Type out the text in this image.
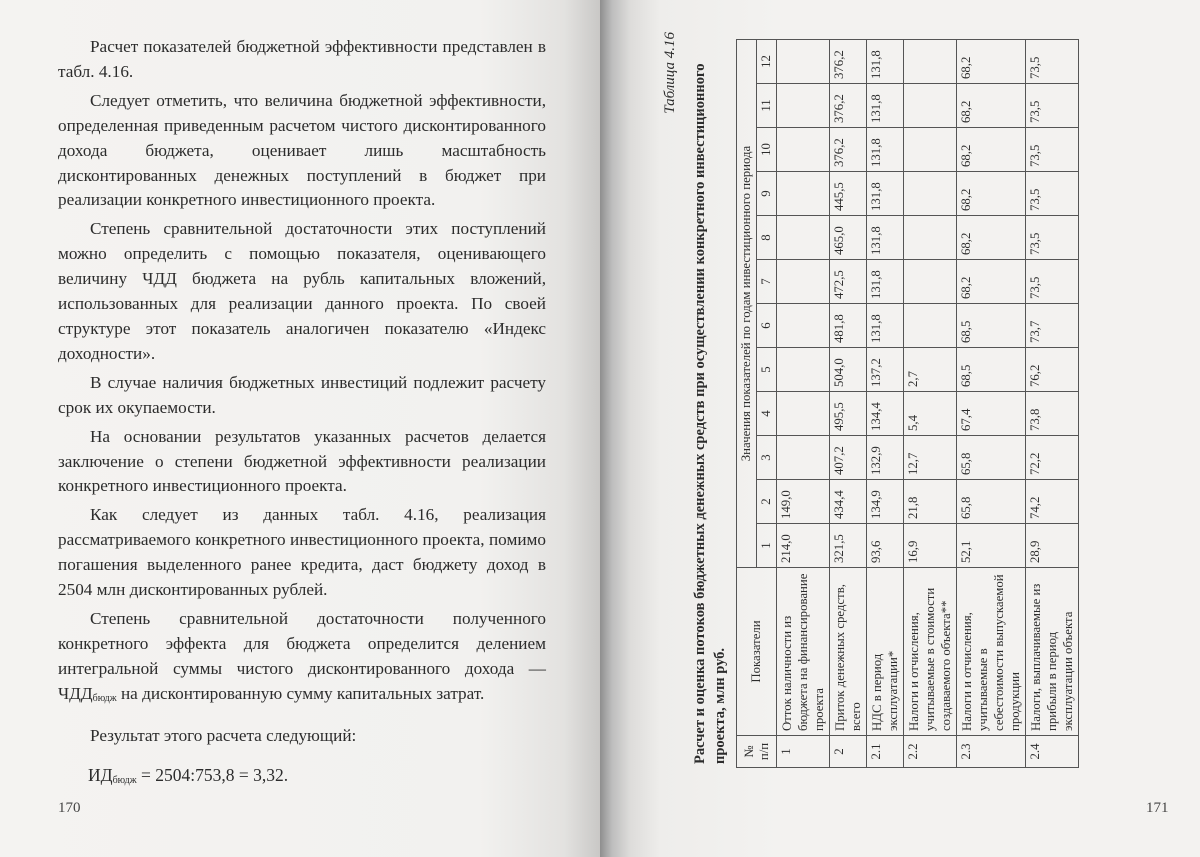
Расчет показателей бюджетной эффективности представлен в табл. 4.16.

Следует отметить, что величина бюджетной эффективности, определенная приведенным расчетом чистого дисконтированного дохода бюджета, оценивает лишь масштабность дисконтированных денежных поступлений в бюджет при реализации конкретного инвестиционного проекта.

Степень сравнительной достаточности этих поступлений можно определить с помощью показателя, оценивающего величину ЧДД бюджета на рубль капитальных вложений, использованных для реализации данного проекта. По своей структуре этот показатель аналогичен показателю «Индекс доходности».

В случае наличия бюджетных инвестиций подлежит расчету срок их окупаемости.

На основании результатов указанных расчетов делается заключение о степени бюджетной эффективности реализации конкретного инвестиционного проекта.

Как следует из данных табл. 4.16, реализация рассматриваемого конкретного инвестиционного проекта, помимо погашения выделенного ранее кредита, даст бюджету доход в 2504 млн дисконтированных рублей.

Степень сравнительной достаточности полученного конкретного эффекта для бюджета определится делением интегральной суммы чистого дисконтированного дохода — $ЧДД_{бюдж}$ на дисконтированную сумму капитальных затрат.

Результат этого расчета следующий:

$ИД_{бюдж}$ = 2504:753,8 = 3,32.
170	171
Таблица 4.16 Расчет и оценка потоков бюджетных денежных средств при осуществлении конкретного инвестиционного проекта, млн руб. № п/п	Показатели	Значения показателей по годам инвестиционного периода											
		1	2	3	4	5	6	7	8	9	10	11	12
1	Отток наличности из бюджета на финансирование проекта	214,0	149,0										
2	Приток денежных средств, всего	321,5	434,4	407,2	495,5	504,0	481,8	472,5	465,0	445,5	376,2	376,2	376,2
2.1	НДС в период эксплуатации*	93,6	134,9	132,9	134,4	137,2	131,8	131,8	131,8	131,8	131,8	131,8	131,8
2.2	Налоги и отчисления, учитываемые в стоимости создаваемого объекта**	16,9	21,8	12,7	5,4	2,7							
2.3	Налоги и отчисления, учитываемые в себестоимости выпускаемой продукции	52,1	65,8	65,8	67,4	68,5	68,5	68,2	68,2	68,2	68,2	68,2	68,2
2.4	Налоги, выплачиваемые из прибыли в период эксплуатации объекта	28,9	74,2	72,2	73,8	76,2	73,7	73,5	73,5	73,5	73,5	73,5	73,5
